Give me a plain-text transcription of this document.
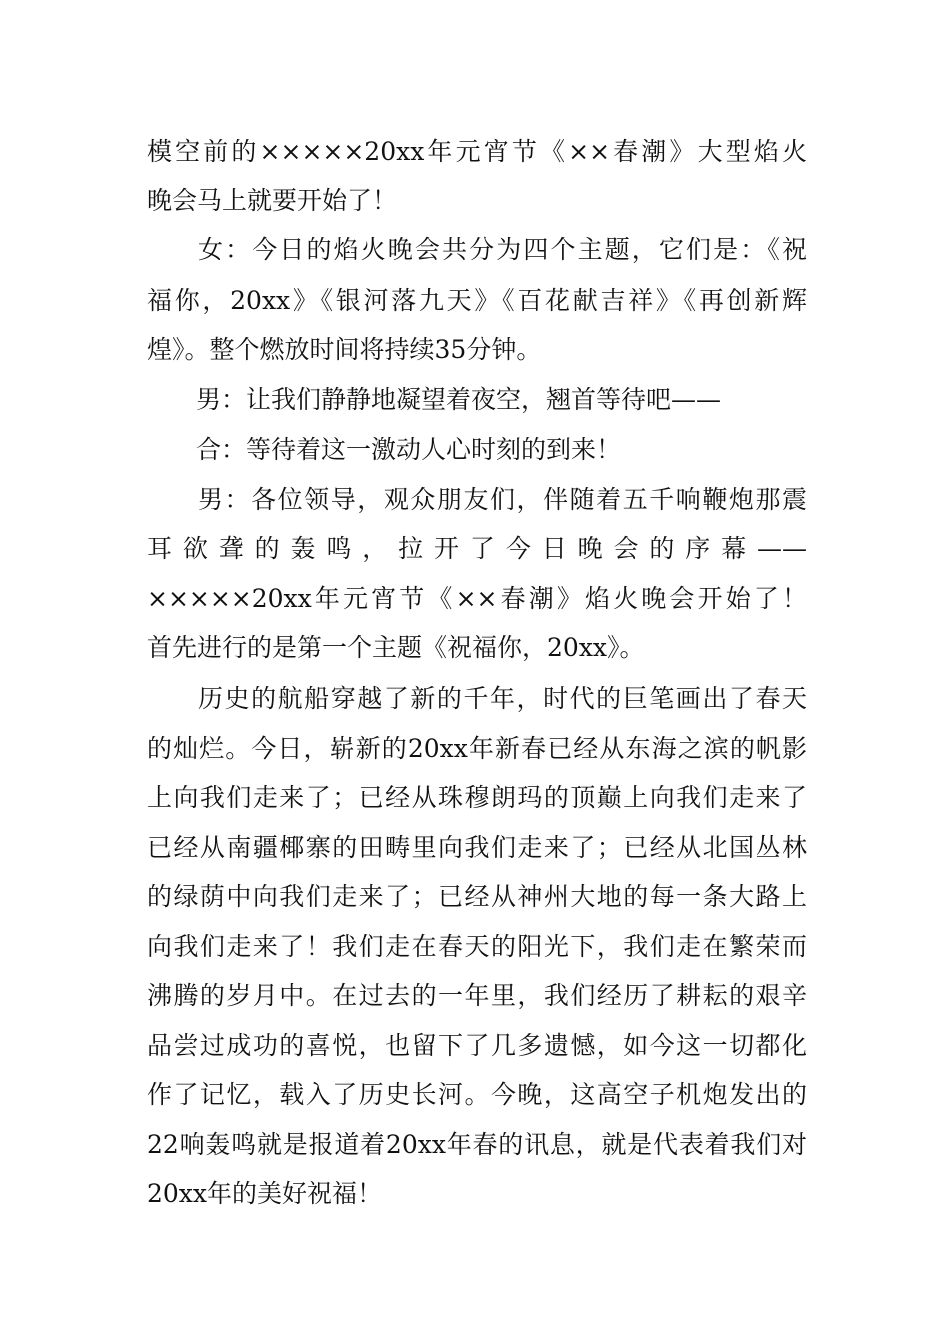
模空前的×××××20xx年元宵节《××春潮》大型焰火
晚会马上就要开始了！
女：今日的焰火晚会共分为四个主题，它们是：《祝
福你，20xx》《银河落九天》《百花献吉祥》《再创新辉
煌》。整个燃放时间将持续35分钟。
男：让我们静静地凝望着夜空，翘首等待吧——
合：等待着这一激动人心时刻的到来！
男：各位领导，观众朋友们，伴随着五千响鞭炮那震
耳欲聋的轰鸣，拉开了今日晚会的序幕——
×××××20xx年元宵节《××春潮》焰火晚会开始了！
首先进行的是第一个主题《祝福你，20xx》。
历史的航船穿越了新的千年，时代的巨笔画出了春天
的灿烂。今日，崭新的20xx年新春已经从东海之滨的帆影
上向我们走来了；已经从珠穆朗玛的顶巅上向我们走来了
已经从南疆椰寨的田畴里向我们走来了；已经从北国丛林
的绿荫中向我们走来了；已经从神州大地的每一条大路上
向我们走来了！我们走在春天的阳光下，我们走在繁荣而
沸腾的岁月中。在过去的一年里，我们经历了耕耘的艰辛
品尝过成功的喜悦，也留下了几多遗憾，如今这一切都化
作了记忆，载入了历史长河。今晚，这高空子机炮发出的
22响轰鸣就是报道着20xx年春的讯息，就是代表着我们对
20xx年的美好祝福！
